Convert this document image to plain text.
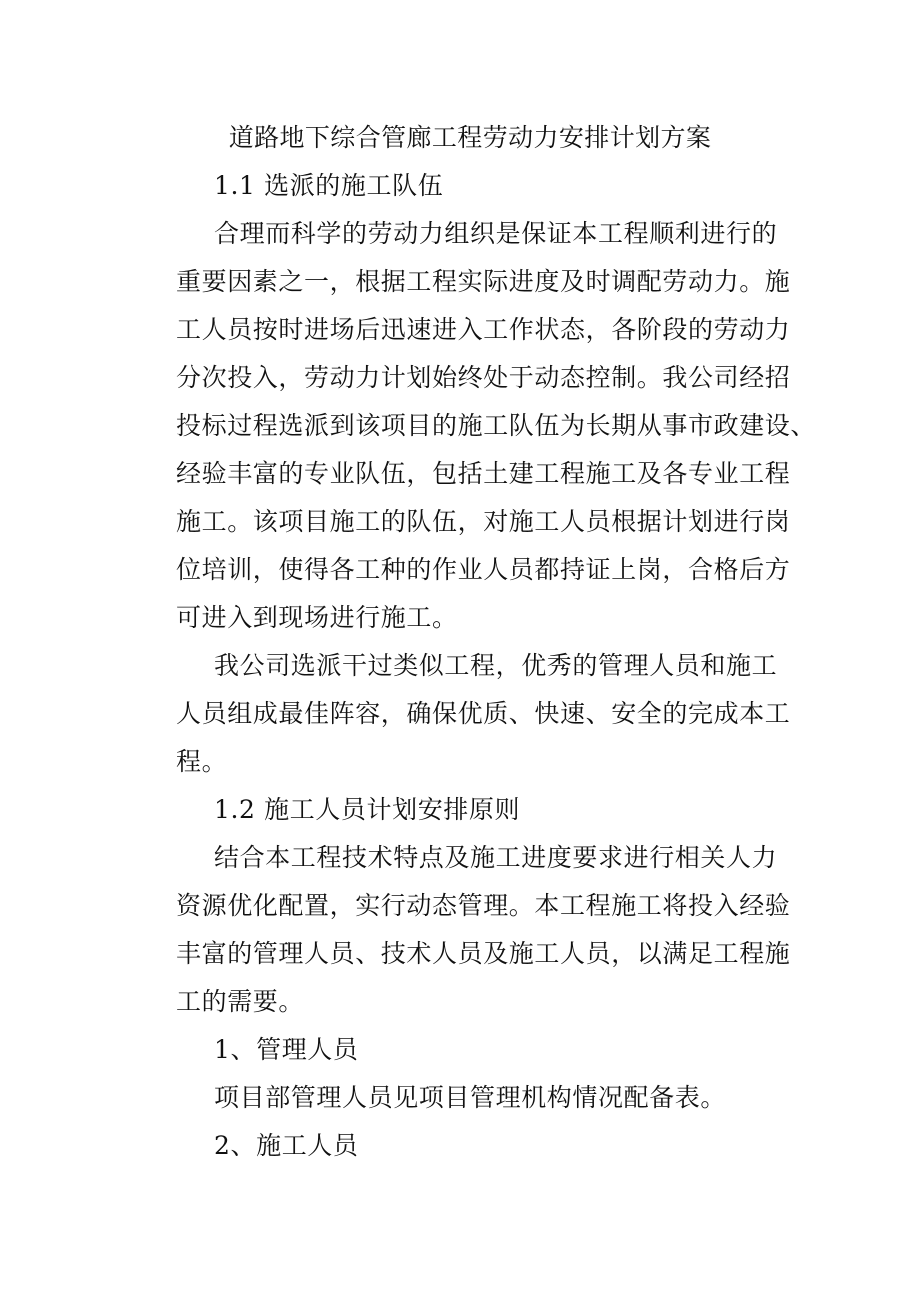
道路地下综合管廊工程劳动力安排计划方案
1.1 选派的施工队伍
合理而科学的劳动力组织是保证本工程顺利进行的
重要因素之一，根据工程实际进度及时调配劳动力。施
工人员按时进场后迅速进入工作状态，各阶段的劳动力
分次投入，劳动力计划始终处于动态控制。我公司经招
投标过程选派到该项目的施工队伍为长期从事市政建设、
经验丰富的专业队伍，包括土建工程施工及各专业工程
施工。该项目施工的队伍，对施工人员根据计划进行岗
位培训，使得各工种的作业人员都持证上岗，合格后方
可进入到现场进行施工。
我公司选派干过类似工程，优秀的管理人员和施工
人员组成最佳阵容，确保优质、快速、安全的完成本工
程。
1.2 施工人员计划安排原则
结合本工程技术特点及施工进度要求进行相关人力
资源优化配置，实行动态管理。本工程施工将投入经验
丰富的管理人员、技术人员及施工人员，以满足工程施
工的需要。
1、管理人员
项目部管理人员见项目管理机构情况配备表。
2、施工人员
